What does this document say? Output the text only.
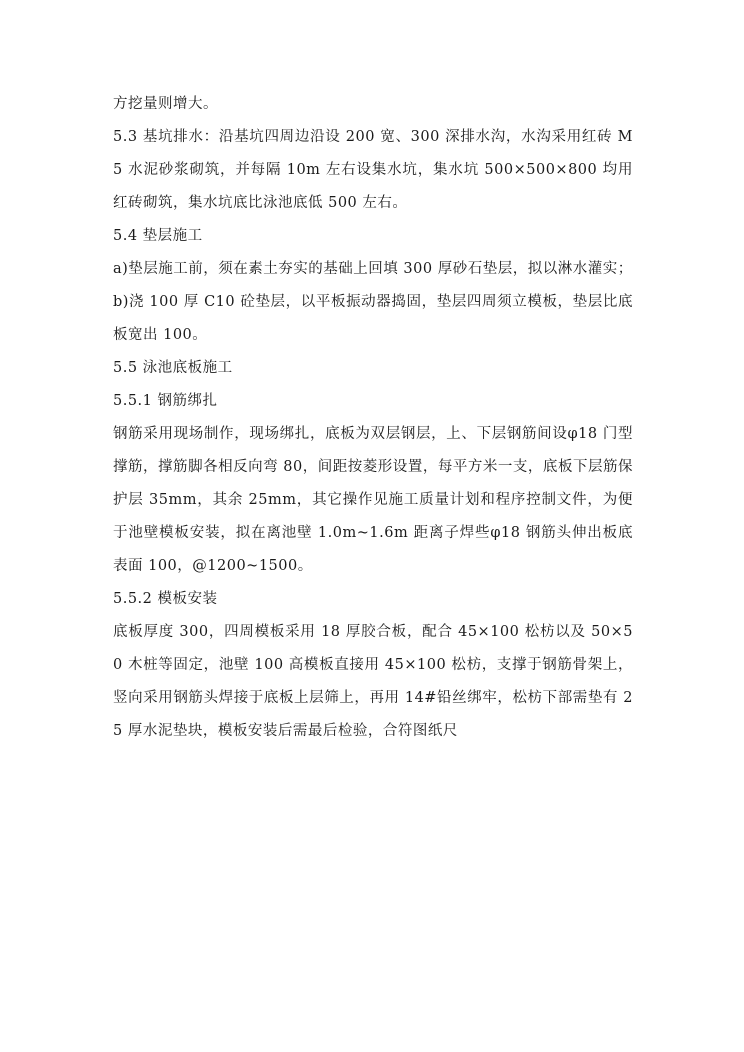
方挖量则增大。

5.3 基坑排水：沿基坑四周边沿设 200 宽、300 深排水沟，水沟采用红砖 M5 水泥砂浆砌筑，并每隔 10m 左右设集水坑，集水坑 500×500×800 均用红砖砌筑，集水坑底比泳池底低 500 左右。

5.4 垫层施工

a)垫层施工前，须在素土夯实的基础上回填 300 厚砂石垫层，拟以淋水灌实；

b)浇 100 厚 C10 砼垫层，以平板振动器捣固，垫层四周须立模板，垫层比底板宽出 100。

5.5 泳池底板施工

5.5.1 钢筋绑扎

钢筋采用现场制作，现场绑扎，底板为双层钢层，上、下层钢筋间设φ18 门型撑筋，撑筋脚各相反向弯 80，间距按菱形设置，每平方米一支，底板下层筋保护层 35mm，其余 25mm，其它操作见施工质量计划和程序控制文件，为便于池壁模板安装，拟在离池壁 1.0m~1.6m 距离子焊些φ18 钢筋头伸出板底表面 100，@1200~1500。

5.5.2 模板安装

底板厚度 300，四周模板采用 18 厚胶合板，配合 45×100 松枋以及 50×50 木桩等固定，池壁 100 高模板直接用 45×100 松枋，支撑于钢筋骨架上，竖向采用钢筋头焊接于底板上层筛上，再用 14#铅丝绑牢，松枋下部需垫有 25 厚水泥垫块，模板安装后需最后检验，合符图纸尺
